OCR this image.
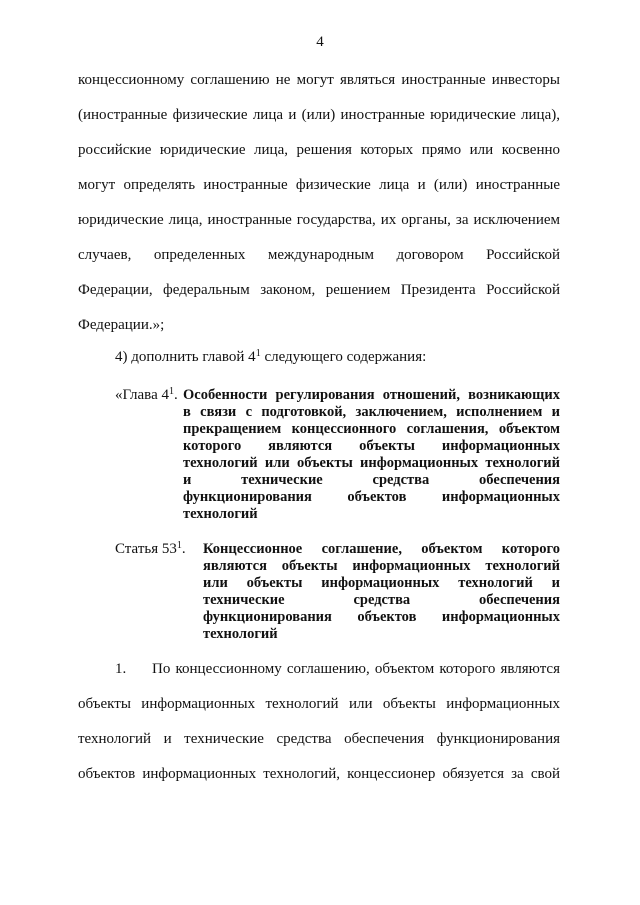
4
концессионному соглашению не могут являться иностранные инвесторы
(иностранные физические лица и (или) иностранные юридические лица),
российские юридические лица, решения которых прямо или косвенно
могут определять иностранные физические лица и (или) иностранные
юридические лица, иностранные государства, их органы, за исключением
случаев, определенных международным договором Российской
Федерации, федеральным законом, решением Президента Российской
Федерации.»;
4) дополнить главой $4^1$ следующего содержания:
«Глава $4^1$. Особенности регулирования отношений, возникающих
в связи с подготовкой, заключением, исполнением и
прекращением концессионного соглашения, объектом
которого являются объекты информационных
технологий или объекты информационных технологий
и технические средства обеспечения
функционирования объектов информационных
технологий
Статья $53^1$. Концессионное соглашение, объектом которого
являются объекты информационных технологий
или объекты информационных технологий и
технические средства обеспечения
функционирования объектов информационных
технологий
1. По концессионному соглашению, объектом которого являются
объекты информационных технологий или объекты информационных
технологий и технические средства обеспечения функционирования
объектов информационных технологий, концессионер обязуется за свой
